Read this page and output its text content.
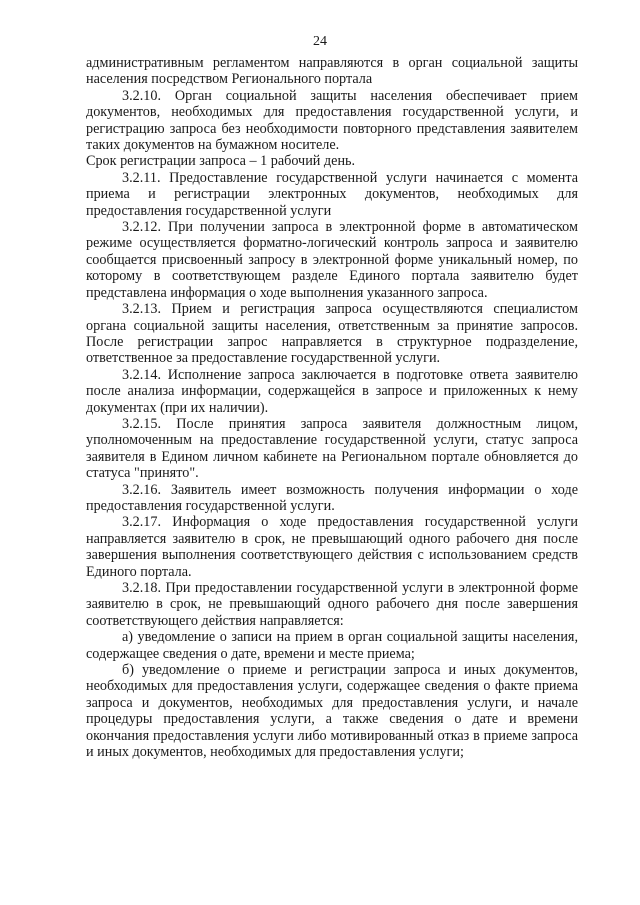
24

административным регламентом направляются в орган социальной защиты населения посредством Регионального портала

3.2.10. Орган социальной защиты населения обеспечивает прием документов, необходимых для предоставления государственной услуги, и регистрацию запроса без необходимости повторного представления заявителем таких документов на бумажном носителе.

Срок регистрации запроса – 1 рабочий день.

3.2.11. Предоставление государственной услуги начинается с момента приема и регистрации электронных документов, необходимых для предоставления государственной услуги

3.2.12. При получении запроса в электронной форме в автоматическом режиме осуществляется форматно-логический контроль запроса и заявителю сообщается присвоенный запросу в электронной форме уникальный номер, по которому в соответствующем разделе Единого портала заявителю будет представлена информация о ходе выполнения указанного запроса.

3.2.13. Прием и регистрация запроса осуществляются специалистом органа социальной защиты населения, ответственным за принятие запросов. После регистрации запрос направляется в структурное подразделение, ответственное за предоставление государственной услуги.

3.2.14. Исполнение запроса заключается в подготовке ответа заявителю после анализа информации, содержащейся в запросе и приложенных к нему документах (при их наличии).

3.2.15. После принятия запроса заявителя должностным лицом, уполномоченным на предоставление государственной услуги, статус запроса заявителя в Едином личном кабинете на Региональном портале обновляется до статуса "принято".

3.2.16. Заявитель имеет возможность получения информации о ходе предоставления государственной услуги.

3.2.17. Информация о ходе предоставления государственной услуги направляется заявителю в срок, не превышающий одного рабочего дня после завершения выполнения соответствующего действия с использованием средств Единого портала.

3.2.18. При предоставлении государственной услуги в электронной форме заявителю в срок, не превышающий одного рабочего дня после завершения соответствующего действия направляется:

а) уведомление о записи на прием в орган социальной защиты населения, содержащее сведения о дате, времени и месте приема;

б) уведомление о приеме и регистрации запроса и иных документов, необходимых для предоставления услуги, содержащее сведения о факте приема запроса и документов, необходимых для предоставления услуги, и начале процедуры предоставления услуги, а также сведения о дате и времени окончания предоставления услуги либо мотивированный отказ в приеме запроса и иных документов, необходимых для предоставления услуги;
